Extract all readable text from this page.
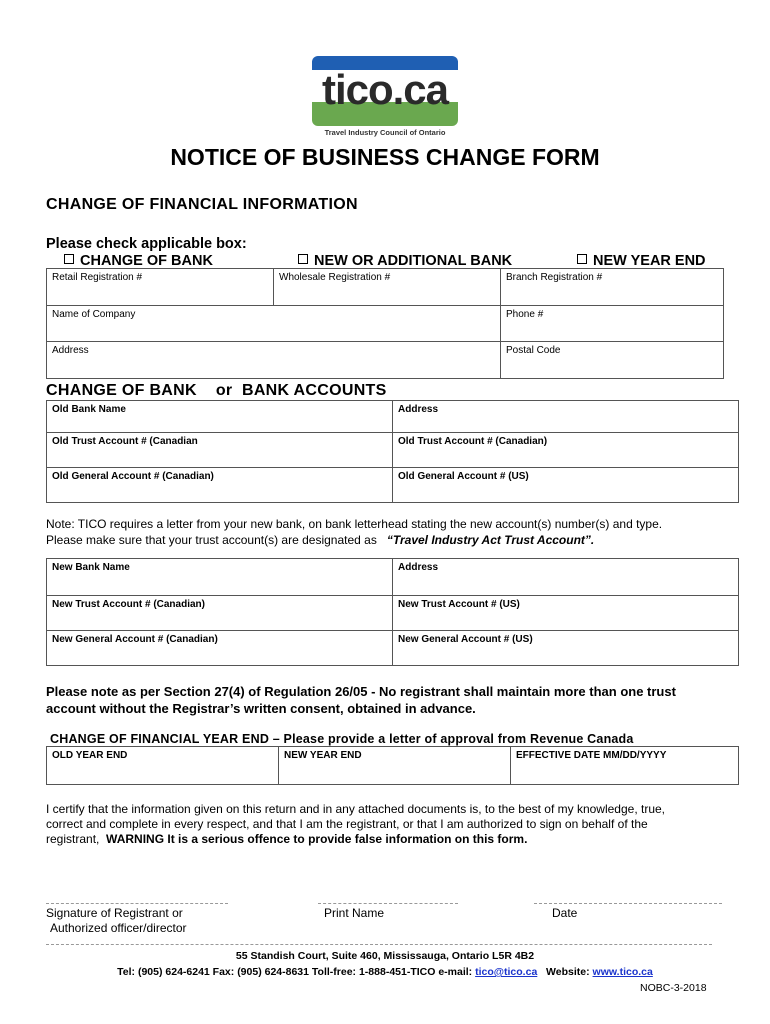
tico.ca
Travel Industry Council of Ontario
NOTICE OF BUSINESS CHANGE FORM
CHANGE OF FINANCIAL INFORMATION
Please check applicable box:
CHANGE OF BANK	NEW OR ADDITIONAL BANK	NEW YEAR END
Retail Registration #	Wholesale Registration #	Branch Registration #
Name of Company	Phone #
Address	Postal Code
CHANGE OF BANK or BANK ACCOUNTS
Old Bank Name	Address
Old Trust Account # (Canadian	Old Trust Account # (Canadian)
Old General Account # (Canadian)	Old General Account # (US)
Note: TICO requires a letter from your new bank, on bank letterhead stating the new account(s) number(s) and type.
Please make sure that your trust account(s) are designated as “Travel Industry Act Trust Account”.
New Bank Name	Address
New Trust Account # (Canadian)	New Trust Account # (US)
New General Account # (Canadian)	New General Account # (US)
Please note as per Section 27(4) of Regulation 26/05 - No registrant shall maintain more than one trust
account without the Registrar’s written consent, obtained in advance.
CHANGE OF FINANCIAL YEAR END – Please provide a letter of approval from Revenue Canada
OLD YEAR END	NEW YEAR END	EFFECTIVE DATE MM/DD/YYYY
I certify that the information given on this return and in any attached documents is, to the best of my knowledge, true,
correct and complete in every respect, and that I am the registrant, or that I am authorized to sign on behalf of the
registrant, WARNING It is a serious offence to provide false information on this form.
Signature of Registrant or
Authorized officer/director
Print Name	Date
55 Standish Court, Suite 460, Mississauga, Ontario L5R 4B2
Tel: (905) 624-6241 Fax: (905) 624-8631 Toll-free: 1-888-451-TICO e-mail: tico@tico.ca Website: www.tico.ca
NOBC-3-2018
